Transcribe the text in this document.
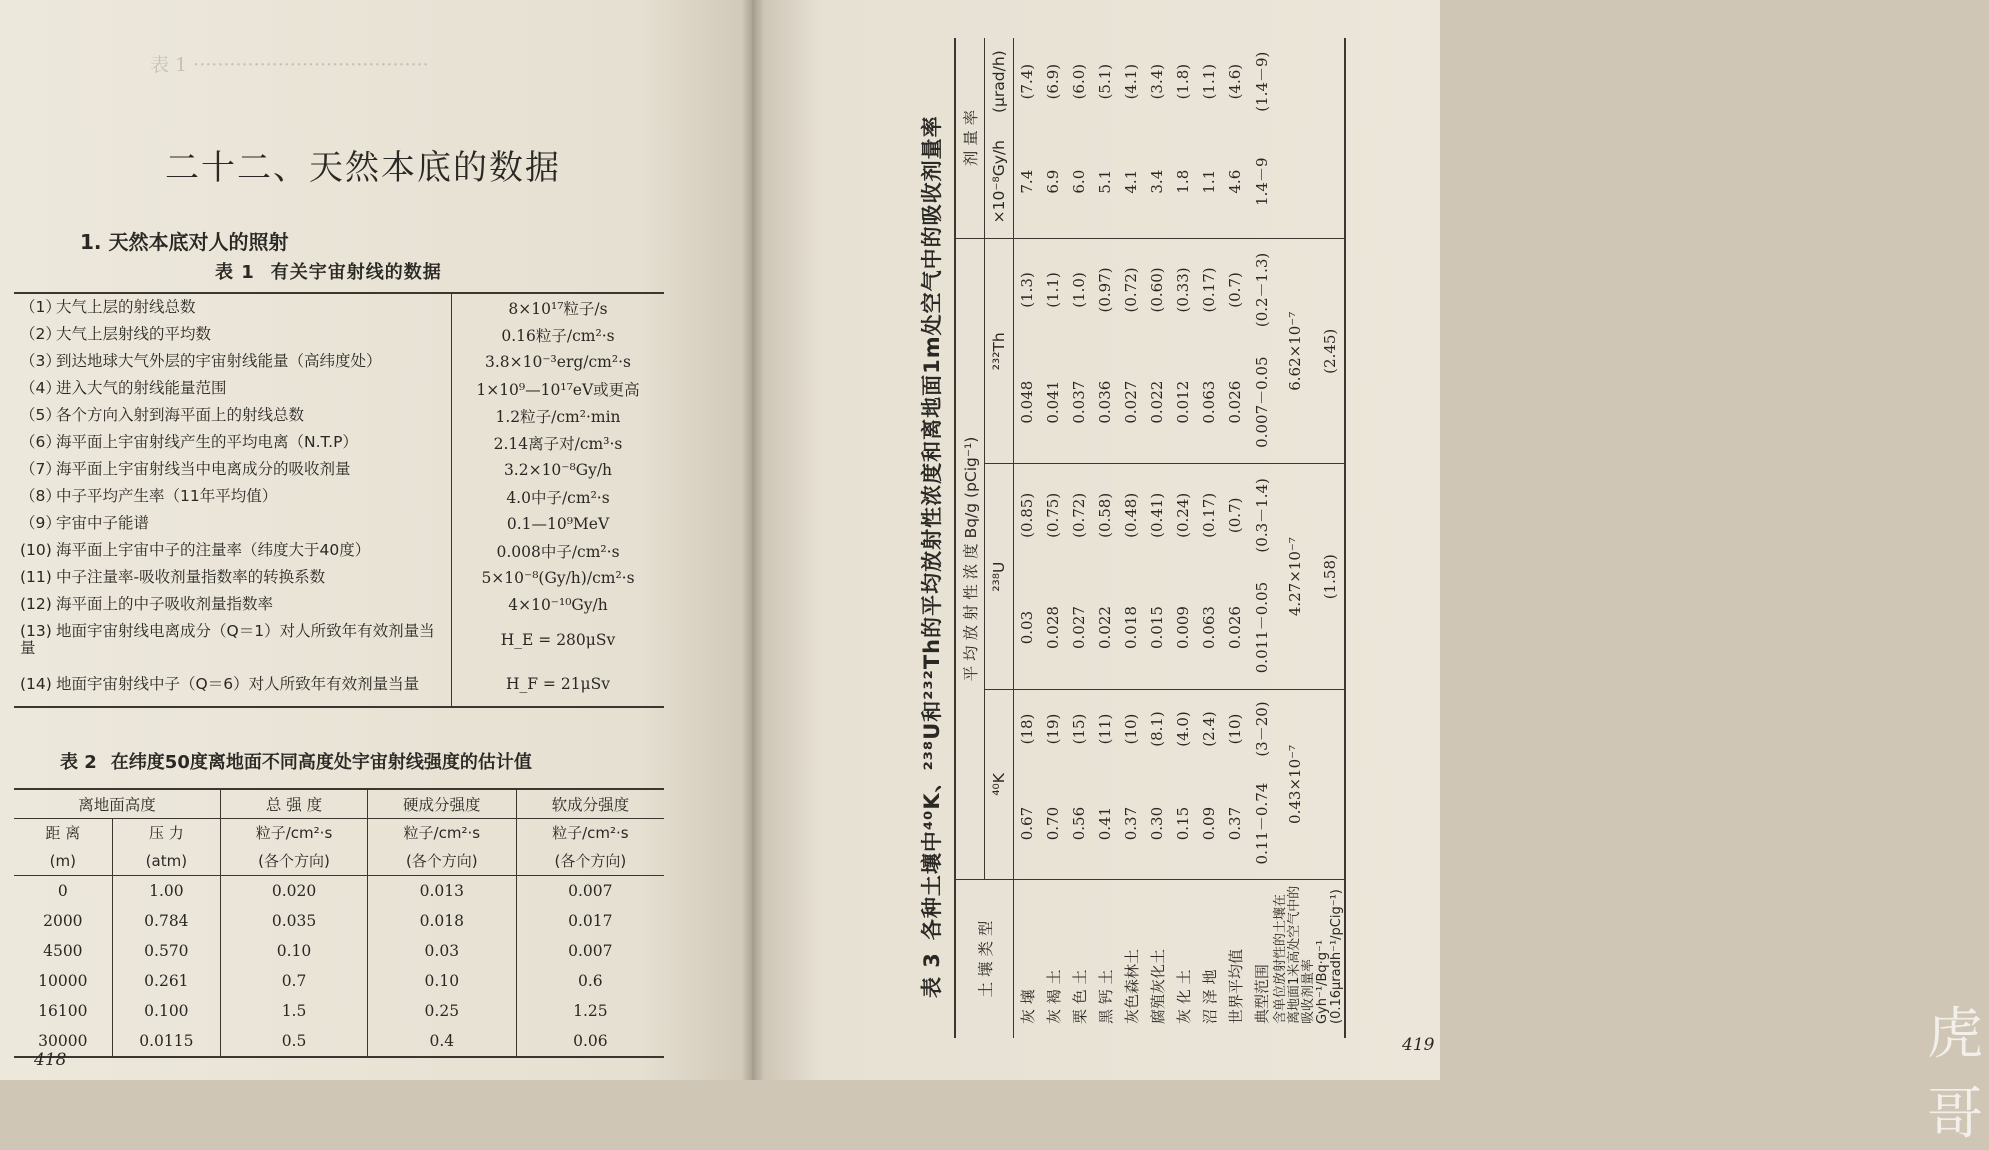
表 1 ·······································
二十二、天然本底的数据
1. 天然本底对人的照射
表 1 有关宇宙射线的数据
（1）大气上层的射线总数	8×10¹⁷粒子/s
（2）大气上层射线的平均数	0.16粒子/cm²·s
（3）到达地球大气外层的宇宙射线能量（高纬度处）	3.8×10⁻³erg/cm²·s
（4）进入大气的射线能量范围	1×10⁹—10¹⁷eV或更高
（5）各个方向入射到海平面上的射线总数	1.2粒子/cm²·min
（6）海平面上宇宙射线产生的平均电离（N.T.P）	2.14离子对/cm³·s
（7）海平面上宇宙射线当中电离成分的吸收剂量	3.2×10⁻⁸Gy/h
（8）中子平均产生率（11年平均值）	4.0中子/cm²·s
（9）宇宙中子能谱	0.1—10⁹MeV
(10) 海平面上宇宙中子的注量率（纬度大于40度）	0.008中子/cm²·s
(11) 中子注量率-吸收剂量指数率的转换系数	5×10⁻⁸(Gy/h)/cm²·s
(12) 海平面上的中子吸收剂量指数率	4×10⁻¹⁰Gy/h
(13) 地面宇宙射线电离成分（Q＝1）对人所致年有效剂量当量	H_E = 280μSv
(14) 地面宇宙射线中子（Q＝6）对人所致年有效剂量当量	H_F = 21μSv
表 2 在纬度50度离地面不同高度处宇宙射线强度的估计值
离地面高度		总 强 度	硬成分强度	软成分强度
距 离	压 力	粒子/cm²·s	粒子/cm²·s	粒子/cm²·s
(m)	(atm)	(各个方向)	(各个方向)	(各个方向)
0	1.00	0.020	0.013	0.007
2000	0.784	0.035	0.018	0.017
4500	0.570	0.10	0.03	0.007
10000	0.261	0.7	0.10	0.6
16100	0.100	1.5	0.25	1.25
30000	0.0115	0.5	0.4	0.06
418
表 3各种土壤中⁴⁰K、²³⁸U和²³²Th的平均放射性浓度和离地面1m处空气中的吸收剂量率
土 壤 类 型	平 均 放 射 性 浓 度 Bq/g (pCig⁻¹)						剂 量 率	
	⁴⁰K		²³⁸U		²³²Th		×10⁻⁸Gy/h	(μrad/h)
灰 壤	0.67	(18)	0.03	(0.85)	0.048	(1.3)	7.4	(7.4)
灰 褐 土	0.70	(19)	0.028	(0.75)	0.041	(1.1)	6.9	(6.9)
栗 色 土	0.56	(15)	0.027	(0.72)	0.037	(1.0)	6.0	(6.0)
黑 钙 土	0.41	(11)	0.022	(0.58)	0.036	(0.97)	5.1	(5.1)
灰色森林土	0.37	(10)	0.018	(0.48)	0.027	(0.72)	4.1	(4.1)
腐殖灰化土	0.30	(8.1)	0.015	(0.41)	0.022	(0.60)	3.4	(3.4)
灰 化 土	0.15	(4.0)	0.009	(0.24)	0.012	(0.33)	1.8	(1.8)
沼 泽 地	0.09	(2.4)	0.063	(0.17)	0.063	(0.17)	1.1	(1.1)
世界平均值	0.37	(10)	0.026	(0.7)	0.026	(0.7)	4.6	(4.6)
典型范围	0.11－0.74	(3－20)	0.011－0.05	(0.3－1.4)	0.007－0.05	(0.2－1.3)	1.4－9	(1.4－9)
含单位放射性的土壤在离地面1米高处空气中的吸收剂量率	0.43×10⁻⁷		4.27×10⁻⁷		6.62×10⁻⁷			
Gyh⁻¹/Bq·g⁻¹ (0.16μradh⁻¹/pCig⁻¹)			(1.58)		(2.45)			
419	虎哥
